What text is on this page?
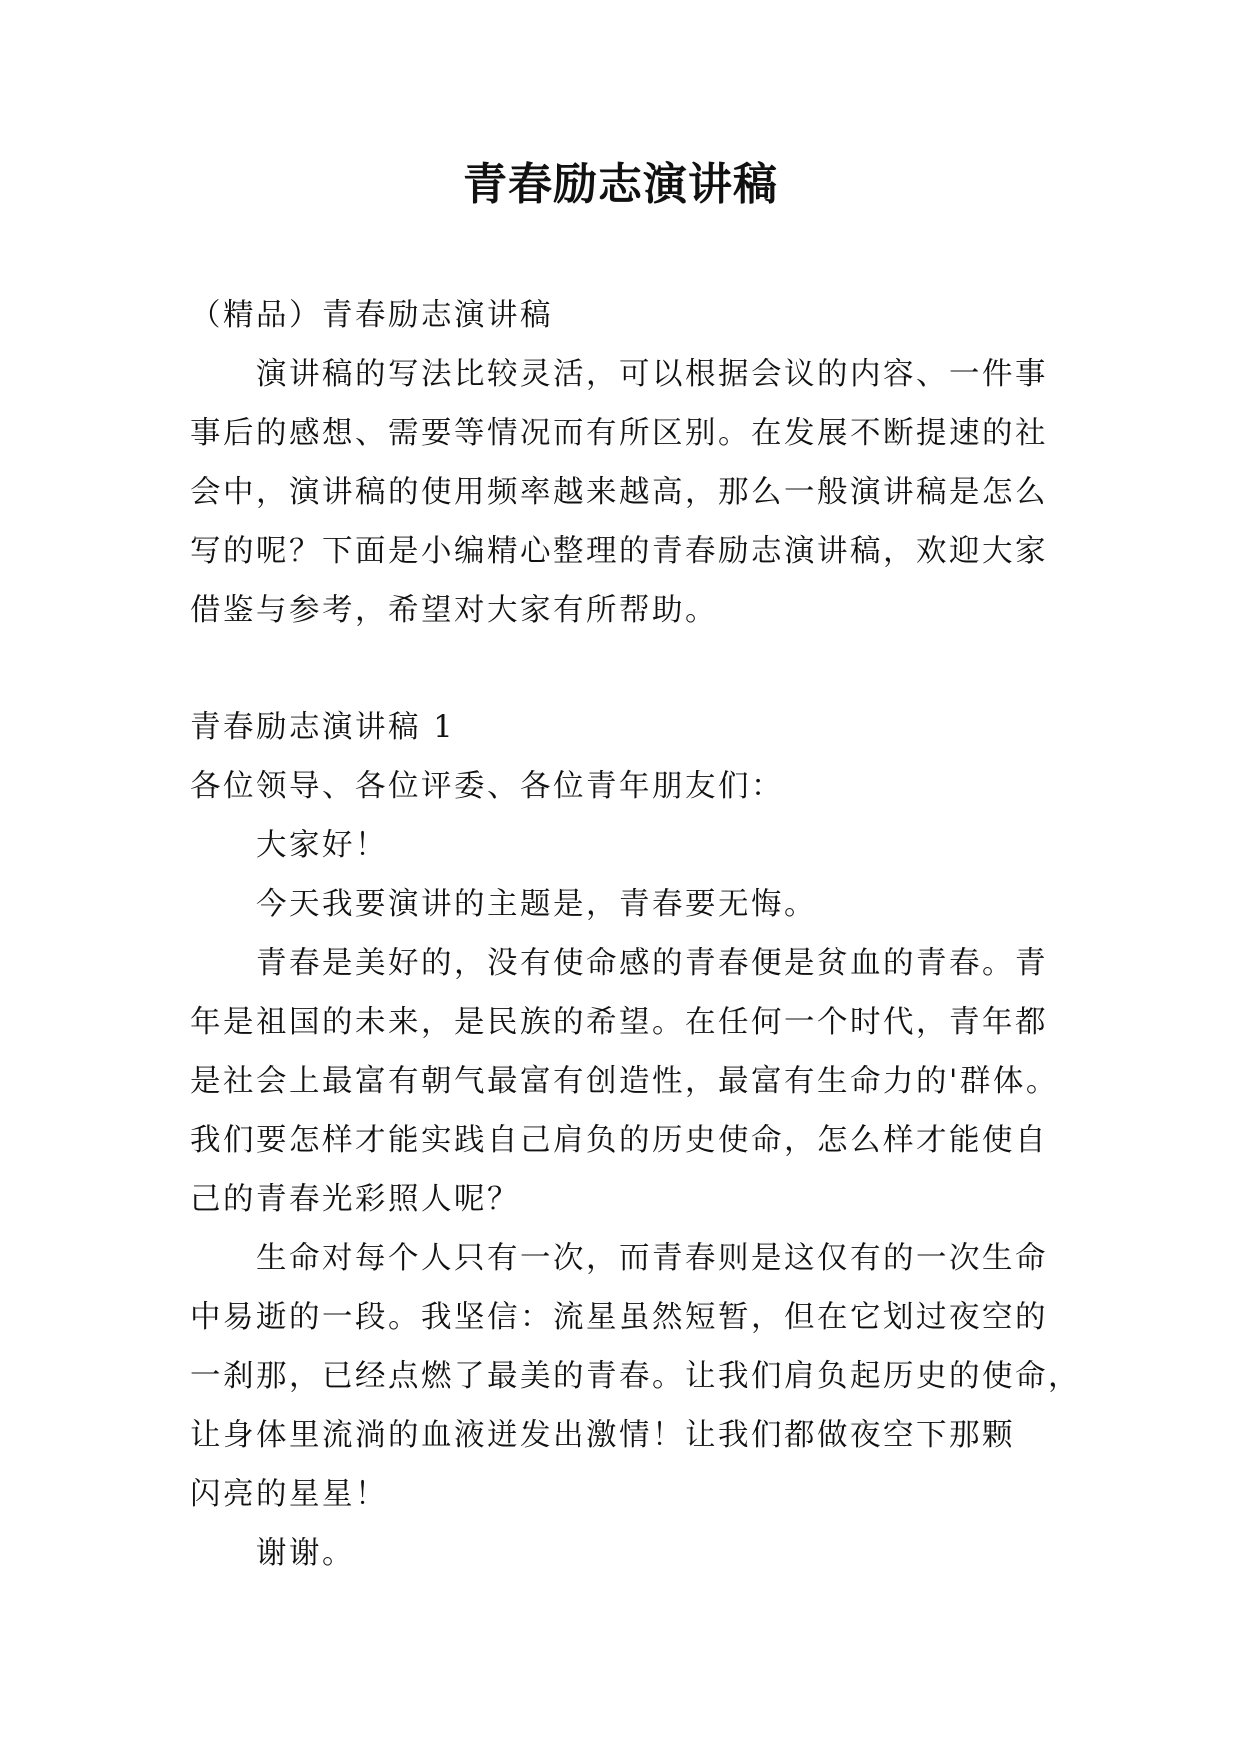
青春励志演讲稿

（精品）青春励志演讲稿

演讲稿的写法比较灵活，可以根据会议的内容、一件事

事后的感想、需要等情况而有所区别。在发展不断提速的社

会中，演讲稿的使用频率越来越高，那么一般演讲稿是怎么

写的呢？下面是小编精心整理的青春励志演讲稿，欢迎大家

借鉴与参考，希望对大家有所帮助。

青春励志演讲稿 1

各位领导、各位评委、各位青年朋友们：

大家好！

今天我要演讲的主题是，青春要无悔。

青春是美好的，没有使命感的青春便是贫血的青春。青

年是祖国的未来，是民族的希望。在任何一个时代，青年都

是社会上最富有朝气最富有创造性，最富有生命力的'群体。

我们要怎样才能实践自己肩负的历史使命，怎么样才能使自

己的青春光彩照人呢？

生命对每个人只有一次，而青春则是这仅有的一次生命

中易逝的一段。我坚信：流星虽然短暂，但在它划过夜空的

一刹那，已经点燃了最美的青春。让我们肩负起历史的使命，

让身体里流淌的血液迸发出激情！让我们都做夜空下那颗

闪亮的星星！

谢谢。
